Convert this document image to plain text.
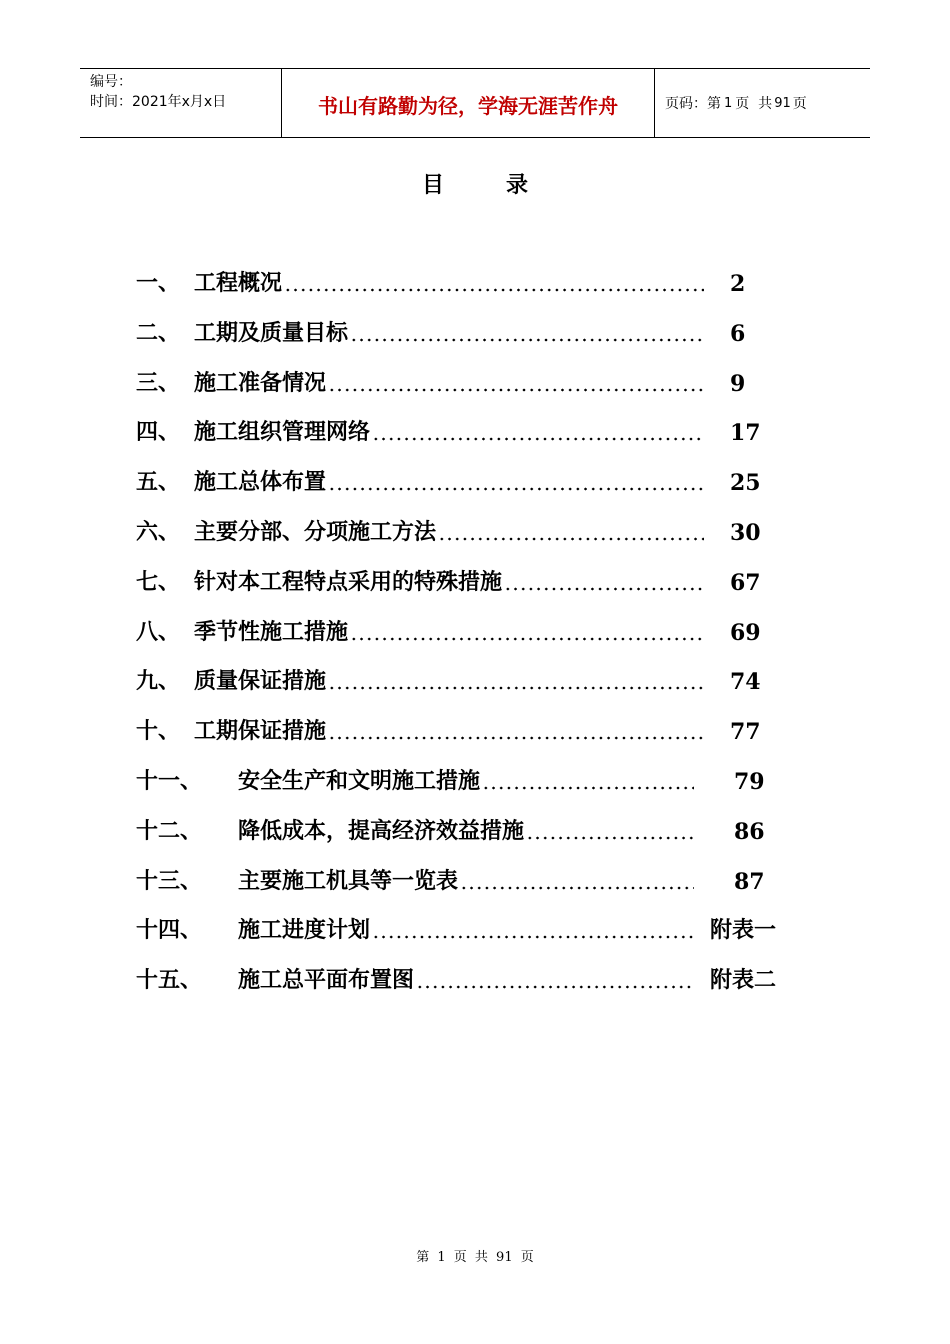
编号：
时间：2021年x月x日	书山有路勤为径，学海无涯苦作舟	页码：第 1 页  共 91 页
目	录
一、 工程概况	2
二、 工期及质量目标	6
三、 施工准备情况	9
四、 施工组织管理网络	17
五、 施工总体布置	25
六、 主要分部、分项施工方法	30
七、 针对本工程特点采用的特殊措施	67
八、 季节性施工措施	69
九、 质量保证措施	74
十、 工期保证措施	77
十一、 安全生产和文明施工措施	79
十二、 降低成本，提高经济效益措施	86
十三、 主要施工机具等一览表	87
十四、 施工进度计划	附表一
十五、 施工总平面布置图	附表二
第 1 页 共 91 页
